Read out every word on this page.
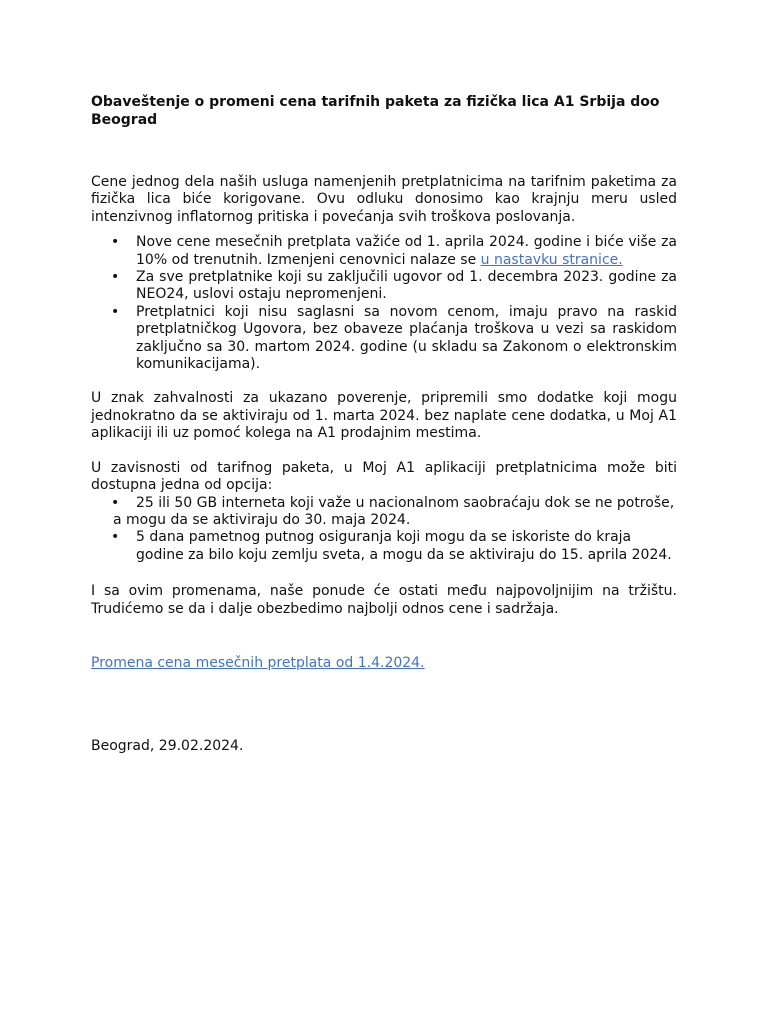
Obaveštenje o promeni cena tarifnih paketa za fizička lica A1 Srbija doo Beograd

Cene jednog dela naših usluga namenjenih pretplatnicima na tarifnim paketima za fizička lica biće korigovane. Ovu odluku donosimo kao krajnju meru usled intenzivnog inflatornog pritiska i povećanja svih troškova poslovanja.

• Nove cene mesečnih pretplata važiće od 1. aprila 2024. godine i biće više za 10% od trenutnih. Izmenjeni cenovnici nalaze se u nastavku stranice.
• Za sve pretplatnike koji su zaključili ugovor od 1. decembra 2023. godine za NEO24, uslovi ostaju nepromenjeni.
• Pretplatnici koji nisu saglasni sa novom cenom, imaju pravo na raskid pretplatničkog Ugovora, bez obaveze plaćanja troškova u vezi sa raskidom zaključno sa 30. martom 2024. godine (u skladu sa Zakonom o elektronskim komunikacijama).

U znak zahvalnosti za ukazano poverenje, pripremili smo dodatke koji mogu jednokratno da se aktiviraju od 1. marta 2024. bez naplate cene dodatka, u Moj A1 aplikaciji ili uz pomoć kolega na A1 prodajnim mestima.

U zavisnosti od tarifnog paketa, u Moj A1 aplikaciji pretplatnicima može biti dostupna jedna od opcija:

• 25 ili 50 GB interneta koji važe u nacionalnom saobraćaju dok se ne potroše,
a mogu da se aktiviraju do 30. maja 2024.
• 5 dana pametnog putnog osiguranja koji mogu da se iskoriste do kraja godine za bilo koju zemlju sveta, a mogu da se aktiviraju do 15. aprila 2024.

I sa ovim promenama, naše ponude će ostati među najpovoljnijim na tržištu. Trudićemo se da i dalje obezbedimo najbolji odnos cene i sadržaja.

Promena cena mesečnih pretplata od 1.4.2024.

Beograd, 29.02.2024.
